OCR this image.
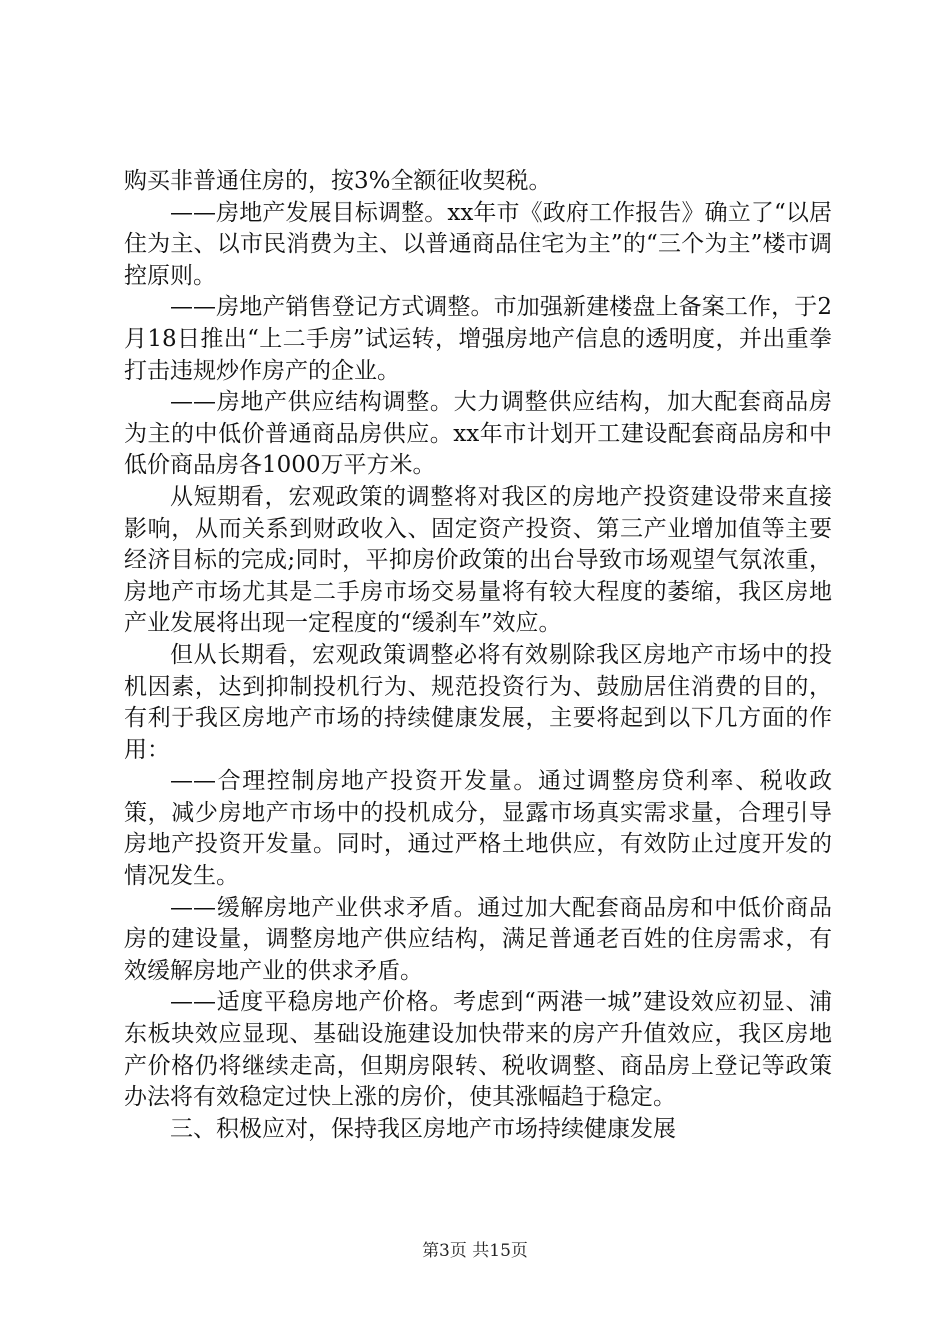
购买非普通住房的，按3%全额征收契税。

——房地产发展目标调整。xx年市《政府工作报告》确立了“以居住为主、以市民消费为主、以普通商品住宅为主”的“三个为主”楼市调控原则。

——房地产销售登记方式调整。市加强新建楼盘上备案工作，于2月18日推出“上二手房”试运转，增强房地产信息的透明度，并出重拳打击违规炒作房产的企业。

——房地产供应结构调整。大力调整供应结构，加大配套商品房为主的中低价普通商品房供应。xx年市计划开工建设配套商品房和中低价商品房各1000万平方米。

从短期看，宏观政策的调整将对我区的房地产投资建设带来直接影响，从而关系到财政收入、固定资产投资、第三产业增加值等主要经济目标的完成;同时，平抑房价政策的出台导致市场观望气氛浓重，房地产市场尤其是二手房市场交易量将有较大程度的萎缩，我区房地产业发展将出现一定程度的“缓刹车”效应。

但从长期看，宏观政策调整必将有效剔除我区房地产市场中的投机因素，达到抑制投机行为、规范投资行为、鼓励居住消费的目的，有利于我区房地产市场的持续健康发展，主要将起到以下几方面的作用：

——合理控制房地产投资开发量。通过调整房贷利率、税收政策，减少房地产市场中的投机成分，显露市场真实需求量，合理引导房地产投资开发量。同时，通过严格土地供应，有效防止过度开发的情况发生。

——缓解房地产业供求矛盾。通过加大配套商品房和中低价商品房的建设量，调整房地产供应结构，满足普通老百姓的住房需求，有效缓解房地产业的供求矛盾。

——适度平稳房地产价格。考虑到“两港一城”建设效应初显、浦东板块效应显现、基础设施建设加快带来的房产升值效应，我区房地产价格仍将继续走高，但期房限转、税收调整、商品房上登记等政策办法将有效稳定过快上涨的房价，使其涨幅趋于稳定。

三、积极应对，保持我区房地产市场持续健康发展

第3页 共15页
